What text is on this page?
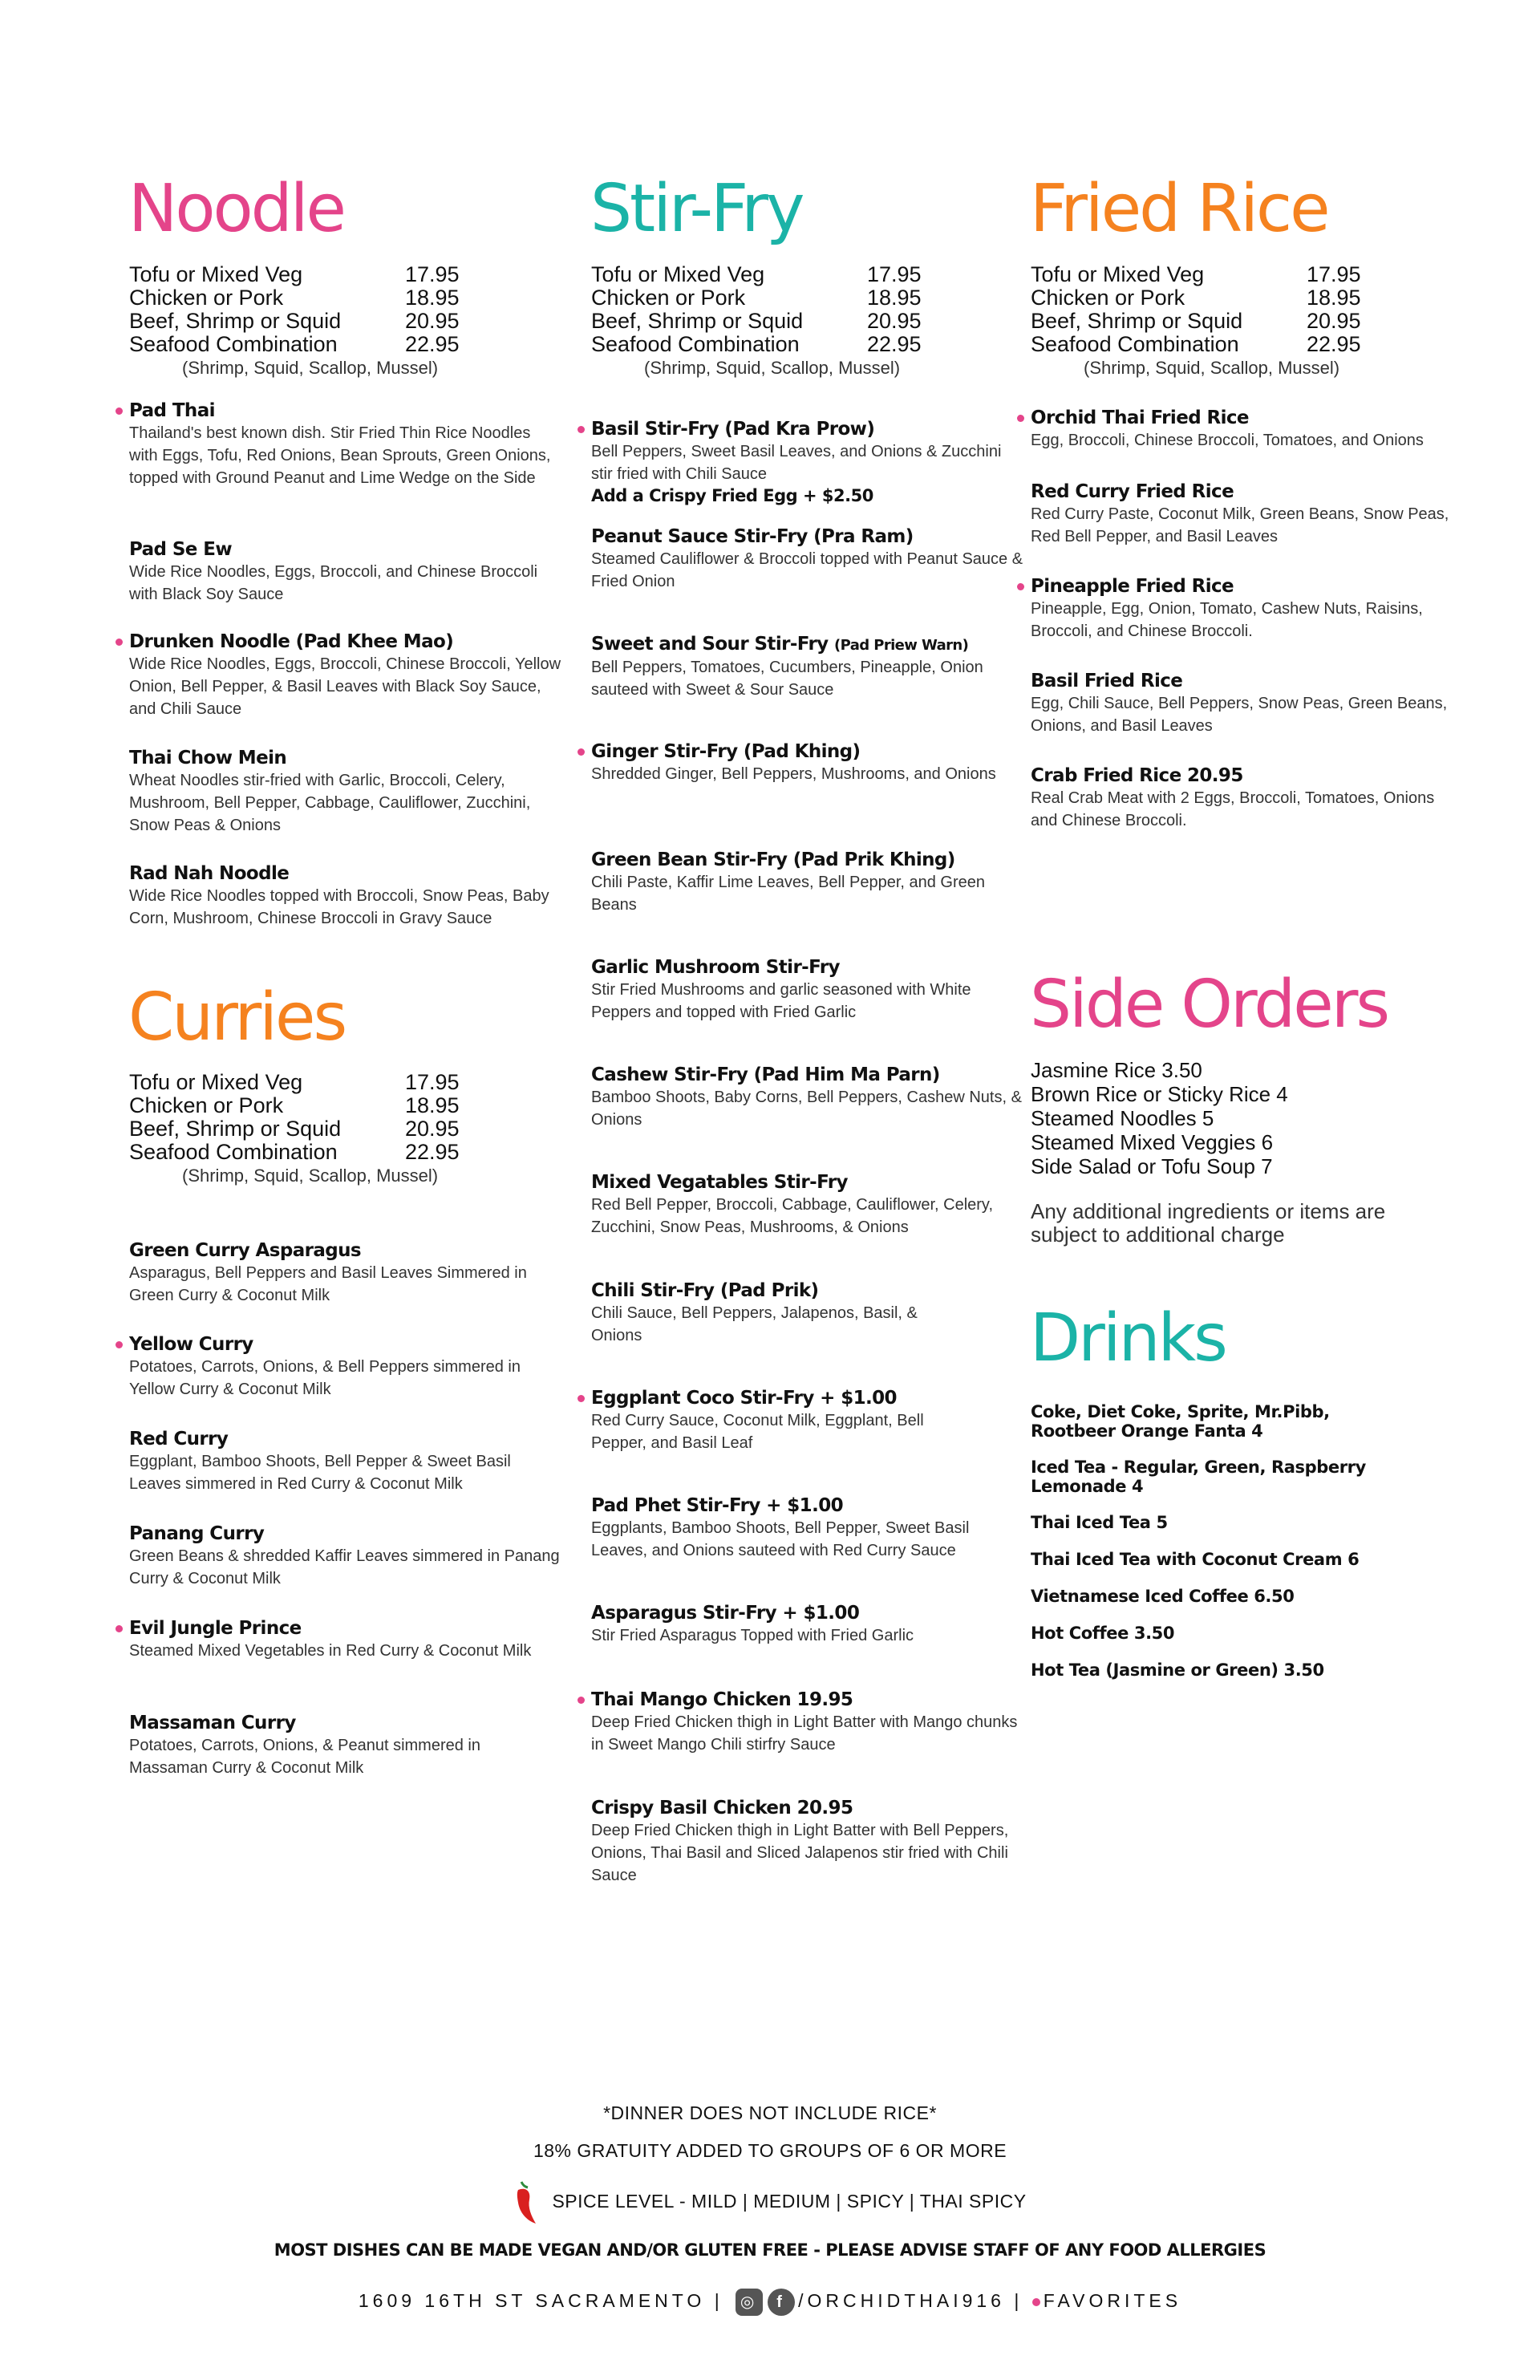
Noodle
Tofu or Mixed Veg	17.95
Chicken or Pork	18.95
Beef, Shrimp or Squid	20.95
Seafood Combination	22.95
(Shrimp, Squid, Scallop, Mussel)
Pad Thai
Thailand's best known dish. Stir Fried Thin Rice Noodles with Eggs, Tofu, Red Onions, Bean Sprouts, Green Onions, topped with Ground Peanut and Lime Wedge on the Side
Pad Se Ew
Wide Rice Noodles, Eggs, Broccoli, and Chinese Broccoli with Black Soy Sauce
Drunken Noodle (Pad Khee Mao)
Wide Rice Noodles, Eggs, Broccoli, Chinese Broccoli, Yellow Onion, Bell Pepper, & Basil Leaves with Black Soy Sauce, and Chili Sauce
Thai Chow Mein
Wheat Noodles stir-fried with Garlic, Broccoli, Celery, Mushroom, Bell Pepper, Cabbage, Cauliflower, Zucchini, Snow Peas & Onions
Rad Nah Noodle
Wide Rice Noodles topped with Broccoli, Snow Peas, Baby Corn, Mushroom, Chinese Broccoli in Gravy Sauce
Curries
Tofu or Mixed Veg	17.95
Chicken or Pork	18.95
Beef, Shrimp or Squid	20.95
Seafood Combination	22.95
(Shrimp, Squid, Scallop, Mussel)
Green Curry Asparagus
Asparagus, Bell Peppers and Basil Leaves Simmered in Green Curry & Coconut Milk
Yellow Curry
Potatoes, Carrots, Onions, & Bell Peppers simmered in Yellow Curry & Coconut Milk
Red Curry
Eggplant, Bamboo Shoots, Bell Pepper & Sweet Basil Leaves simmered in Red Curry & Coconut Milk
Panang Curry
Green Beans & shredded Kaffir Leaves simmered in Panang Curry & Coconut Milk
Evil Jungle Prince
Steamed Mixed Vegetables in Red Curry & Coconut Milk
Massaman Curry
Potatoes, Carrots, Onions, & Peanut simmered in Massaman Curry & Coconut Milk
Stir-Fry
Tofu or Mixed Veg	17.95
Chicken or Pork	18.95
Beef, Shrimp or Squid	20.95
Seafood Combination	22.95
(Shrimp, Squid, Scallop, Mussel)
Basil Stir-Fry (Pad Kra Prow)
Bell Peppers, Sweet Basil Leaves, and Onions & Zucchini stir fried with Chili Sauce
Add a Crispy Fried Egg + $2.50
Peanut Sauce Stir-Fry (Pra Ram)
Steamed Cauliflower & Broccoli topped with Peanut Sauce & Fried Onion
Sweet and Sour Stir-Fry (Pad Priew Warn)
Bell Peppers, Tomatoes, Cucumbers, Pineapple, Onion sauteed with Sweet & Sour Sauce
Ginger Stir-Fry (Pad Khing)
Shredded Ginger, Bell Peppers, Mushrooms, and Onions
Green Bean Stir-Fry (Pad Prik Khing)
Chili Paste, Kaffir Lime Leaves, Bell Pepper, and Green Beans
Garlic Mushroom Stir-Fry
Stir Fried Mushrooms and garlic seasoned with White Peppers and topped with Fried Garlic
Cashew Stir-Fry (Pad Him Ma Parn)
Bamboo Shoots, Baby Corns, Bell Peppers, Cashew Nuts, & Onions
Mixed Vegatables Stir-Fry
Red Bell Pepper, Broccoli, Cabbage, Cauliflower, Celery, Zucchini, Snow Peas, Mushrooms, & Onions
Chili Stir-Fry (Pad Prik)
Chili Sauce, Bell Peppers, Jalapenos, Basil, & Onions
Eggplant Coco Stir-Fry + $1.00
Red Curry Sauce, Coconut Milk, Eggplant, Bell Pepper, and Basil Leaf
Pad Phet Stir-Fry + $1.00
Eggplants, Bamboo Shoots, Bell Pepper, Sweet Basil Leaves, and Onions sauteed with Red Curry Sauce
Asparagus Stir-Fry + $1.00
Stir Fried Asparagus Topped with Fried Garlic
Thai Mango Chicken 19.95
Deep Fried Chicken thigh in Light Batter with Mango chunks in Sweet Mango Chili stirfry Sauce
Crispy Basil Chicken 20.95
Deep Fried Chicken thigh in Light Batter with Bell Peppers, Onions, Thai Basil and Sliced Jalapenos stir fried with Chili Sauce
Fried Rice
Tofu or Mixed Veg	17.95
Chicken or Pork	18.95
Beef, Shrimp or Squid	20.95
Seafood Combination	22.95
(Shrimp, Squid, Scallop, Mussel)
Orchid Thai Fried Rice
Egg, Broccoli, Chinese Broccoli, Tomatoes, and Onions
Red Curry Fried Rice
Red Curry Paste, Coconut Milk, Green Beans, Snow Peas, Red Bell Pepper, and Basil Leaves
Pineapple Fried Rice
Pineapple, Egg, Onion, Tomato, Cashew Nuts, Raisins, Broccoli, and Chinese Broccoli.
Basil Fried Rice
Egg, Chili Sauce, Bell Peppers, Snow Peas, Green Beans, Onions, and Basil Leaves
Crab Fried Rice 20.95
Real Crab Meat with 2 Eggs, Broccoli, Tomatoes, Onions and Chinese Broccoli.
Side Orders
Jasmine Rice 3.50
Brown Rice or Sticky Rice 4
Steamed Noodles 5
Steamed Mixed Veggies 6
Side Salad or Tofu Soup 7
Any additional ingredients or items are subject to additional charge
Drinks
Coke, Diet Coke, Sprite, Mr.Pibb, Rootbeer Orange Fanta 4
Iced Tea - Regular, Green, Raspberry Lemonade 4
Thai Iced Tea 5
Thai Iced Tea with Coconut Cream 6
Vietnamese Iced Coffee 6.50
Hot Coffee 3.50
Hot Tea (Jasmine or Green) 3.50
*DINNER DOES NOT INCLUDE RICE*
18% GRATUITY ADDED TO GROUPS OF 6 OR MORE
SPICE LEVEL - MILD | MEDIUM | SPICY | THAI SPICY
MOST DISHES CAN BE MADE VEGAN AND/OR GLUTEN FREE - PLEASE ADVISE STAFF OF ANY FOOD ALLERGIES
1609 16TH ST SACRAMENTO | ◎	f /ORCHIDTHAI916 | FAVORITES
